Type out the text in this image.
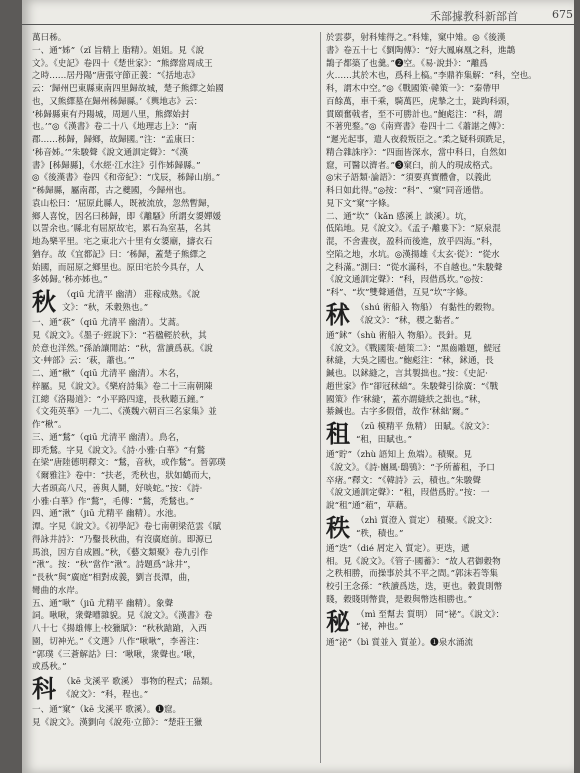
禾部 據教科新部首	675
萬曰秭。
一、通“姊”（zǐ 旨精上 脂精）。姐姐。見《說
文》。《史記》卷四十《楚世家》：“熊繹當周成王
之時……居丹陽”唐張守節正義：“《括地志》
云：‘歸州巴東縣東南四里歸故城，楚子熊繹之始國
也，又熊繹墓在歸州秭歸縣。’《輿地志》云：
‘秭歸縣東有丹陽城，周迴八里，熊繹始封
也。’”◎《漢書》卷二十八《地理志上》：“南
郡……秭歸，歸鄉，故歸國。”注：“孟康曰：
‘秭音姊。’”朱駿聲《說文通訓定聲》：“《漢
書》[秭歸縣]，《水經·江水注》引作姊歸縣。”
◎《後漢書》卷四《和帝紀》：“戊辰，秭歸山崩。”
“秭歸縣，屬南郡，古之夔國，今歸州也。
袁山松曰：‘屈原此縣人，既被流放，忽然暫歸，
鄉人喜悅，因名曰秭歸，即《離騷》所謂女嬃嬋媛
以詈余也。’縣北有屈原故宅，累石為室基，名其
地為樂平里。宅之東北六十里有女嬃廟，擣衣石
猶存。故《宜都記》曰：‘秭歸，蓋楚子熊繹之
始國，而屈原之鄉里也。原田宅於今具存，人
多姊歸。’秭亦姊也。”
秋 （qiū 尤清平 幽清） 莊稼成熟。《說
文》：“秋，禾穀熟也。”
一、通“萩”（qiū 尤清平 幽清）。艾蒿。
見《說文》。《墨子·經說下》：“若楹輕於秋，其
於意也洋然。”孫詒讓閒詁：“秋，當讀爲萩。《說
文·艸部》云：‘萩，蕭也。’”
二、通“楸”（qiū 尤清平 幽清）。木名，
梓屬。見《說文》。《樂府詩集》卷二十三南朝陳
江總《洛陽道》：“小平路四達，長秋聽五鐘。”
《文苑英華》一九二、《漢魏六朝百三名家集》並
作“楸”。
三、通“鶖”（qiū 尤清平 幽清）。鳥名，
即禿鶖。字見《說文》。《詩·小雅·白華》“有鶖
在梁”唐陸德明釋文：“鶖，音秋，或作鶖”。晉郭璞
《爾雅注》卷中：“扶老，禿秋也，狀如鶴而大，
大者頭高八尺，善與人鬪，好啖蛇。”按：《詩·
小雅·白華》作“鶖”，毛傳：“鶖，禿鶖也。”
四、通“湫”（jiū 尤精平 幽精）。水池。
潭。字見《說文》。《初學記》卷七南朝梁范雲《賦
得詠井詩》：“乃鑿長秋曲，有沒廣庭前。即源已
馬浪，因方自成圓。”秋，《藝文類聚》卷九引作
“湫”。按：“秋”當作“湫”。詩題爲“詠井”，
“長秋”與“廣庭”相對成義，劉言長潭，曲，
彎曲的水岸。
五、通“啾”（jiū 尤精平 幽精）。象聲
詞。啾啾，衆聲嘈雜貌。見《說文》。《漢書》卷
八十七《揚雄傳上·校獵賦》：“秋秋蹌蹌，入西
園，切神光。”《文選》八作“啾啾”，李善注：
“郭璞《三蒼解詁》曰：‘啾啾，衆聲也。’啾，
或爲秋。”
科 （kē 戈溪平 歌溪） 事物的程式；品類。
《說文》：“科，程也。”
一、通“窠”（kē 戈溪平 歌溪）。❶窟。
見《說文》。漢劉向《說苑·立節》：“楚莊王獵
於雲夢，射科雉得之。”科雉，窠中雉。◎《後漢
書》卷五十七《劉陶傳》：“好大鳳麻凰之科，進鵲
鵲子都築了也羹。”❷空。《易·說卦》：“離爲
火……其於木也，爲科上槁。”李鼎祚集解：“科，空也。
科，謂木中空。”◎《戰國策·韓策一》：“秦帶甲
百餘萬，車千乘，騎萬匹，虎摯之士，跿跔科頭，
貫頤奮戟者，至不可勝計也。”鮑彪注：“科，謂
不著兜鍪。”◎《南齊書》卷四十二《蕭諶之傳》：
“遲光起事，遣人夜殺叛臣之。”柔之疑科頭跣足，
精合雜誅序》：“四面皆深水，當中科日，自然如
窟，可醫以濟者。”❸窠臼，前人的現成格式。
◎宋子語類·論語》：“須要真實體會，以義此
科日如此得。”◎按：“科”、“窠”同音通借。
見下文“窠”字條。
二、通“坎”（kǎn 感溪上 談溪）。坑，
低陷地。見《說文》。《孟子·離婁下》：“原泉混
混，不舍晝夜，盈科而後進，放乎四海。”科，
空陷之地，水坑。◎漢揚雄《太玄·從》：“從水
之科滿。”測曰：“從水滿科，不自越也。”朱駿聲
《說文通訓定聲》：“科，叚借爲坎。”◎按：
“科”、“坎”雙聲通借，互見“坎”字條。
秫 （shú 術船入 物船） 有黏性的穀物。
《說文》：“秫，稷之黏者。”
通“鉥”（shù 術船入 物船）。長針。見
《說文》。《戰國策·趙策二》：“黑齒雕題，鯷冠
秫縫，大吳之國也。”鮑彪注：“秫，鉥通，長
鍼也。以鉥縫之，言其製拙也。”按：《史記·
趙世家》作“卻冠秫絀”。朱駿聲引徐廣：“《戰
國策》作‘秫縫’，蓋亦謂縫紩之拙也。”秫，
綦鍼也。古字多假借，故作‘秫絀’爾。”
租 （zū 模精平 魚精） 田賦。《說文》：
“租，田賦也。”
通“貯”（zhù 語知上 魚端）。積聚。見
《說文》。《詩·豳風·鴟鴞》：“予所蓄租，予口
卒瘏。”釋文：“《韓詩》云，積也。”朱駿聲
《說文通訓定聲》：“租，叚借爲貯。”按：一
說“租”通“蒩”，草藉。
秩 （zhì 質澄入 質定） 積聚。《說文》：
“秩，積也。”
通“迭”（dié 屑定入 質定）。更迭，遞
相。見《說文》。《管子·國蓄》：“故人君御穀物
之秩相勝，而操事於其不平之間。”郭沫若等集
校引王念孫：“秩讀爲迭，迭，更也。穀貴則幣
賤，穀賤則幣貴，是穀與幣迭相勝也。”
秘 （mì 至幫去 質明） 同“祕”。《說文》：
“祕，神也。”
通“泌”（bì 質並入 質並）。❶泉水涌流
